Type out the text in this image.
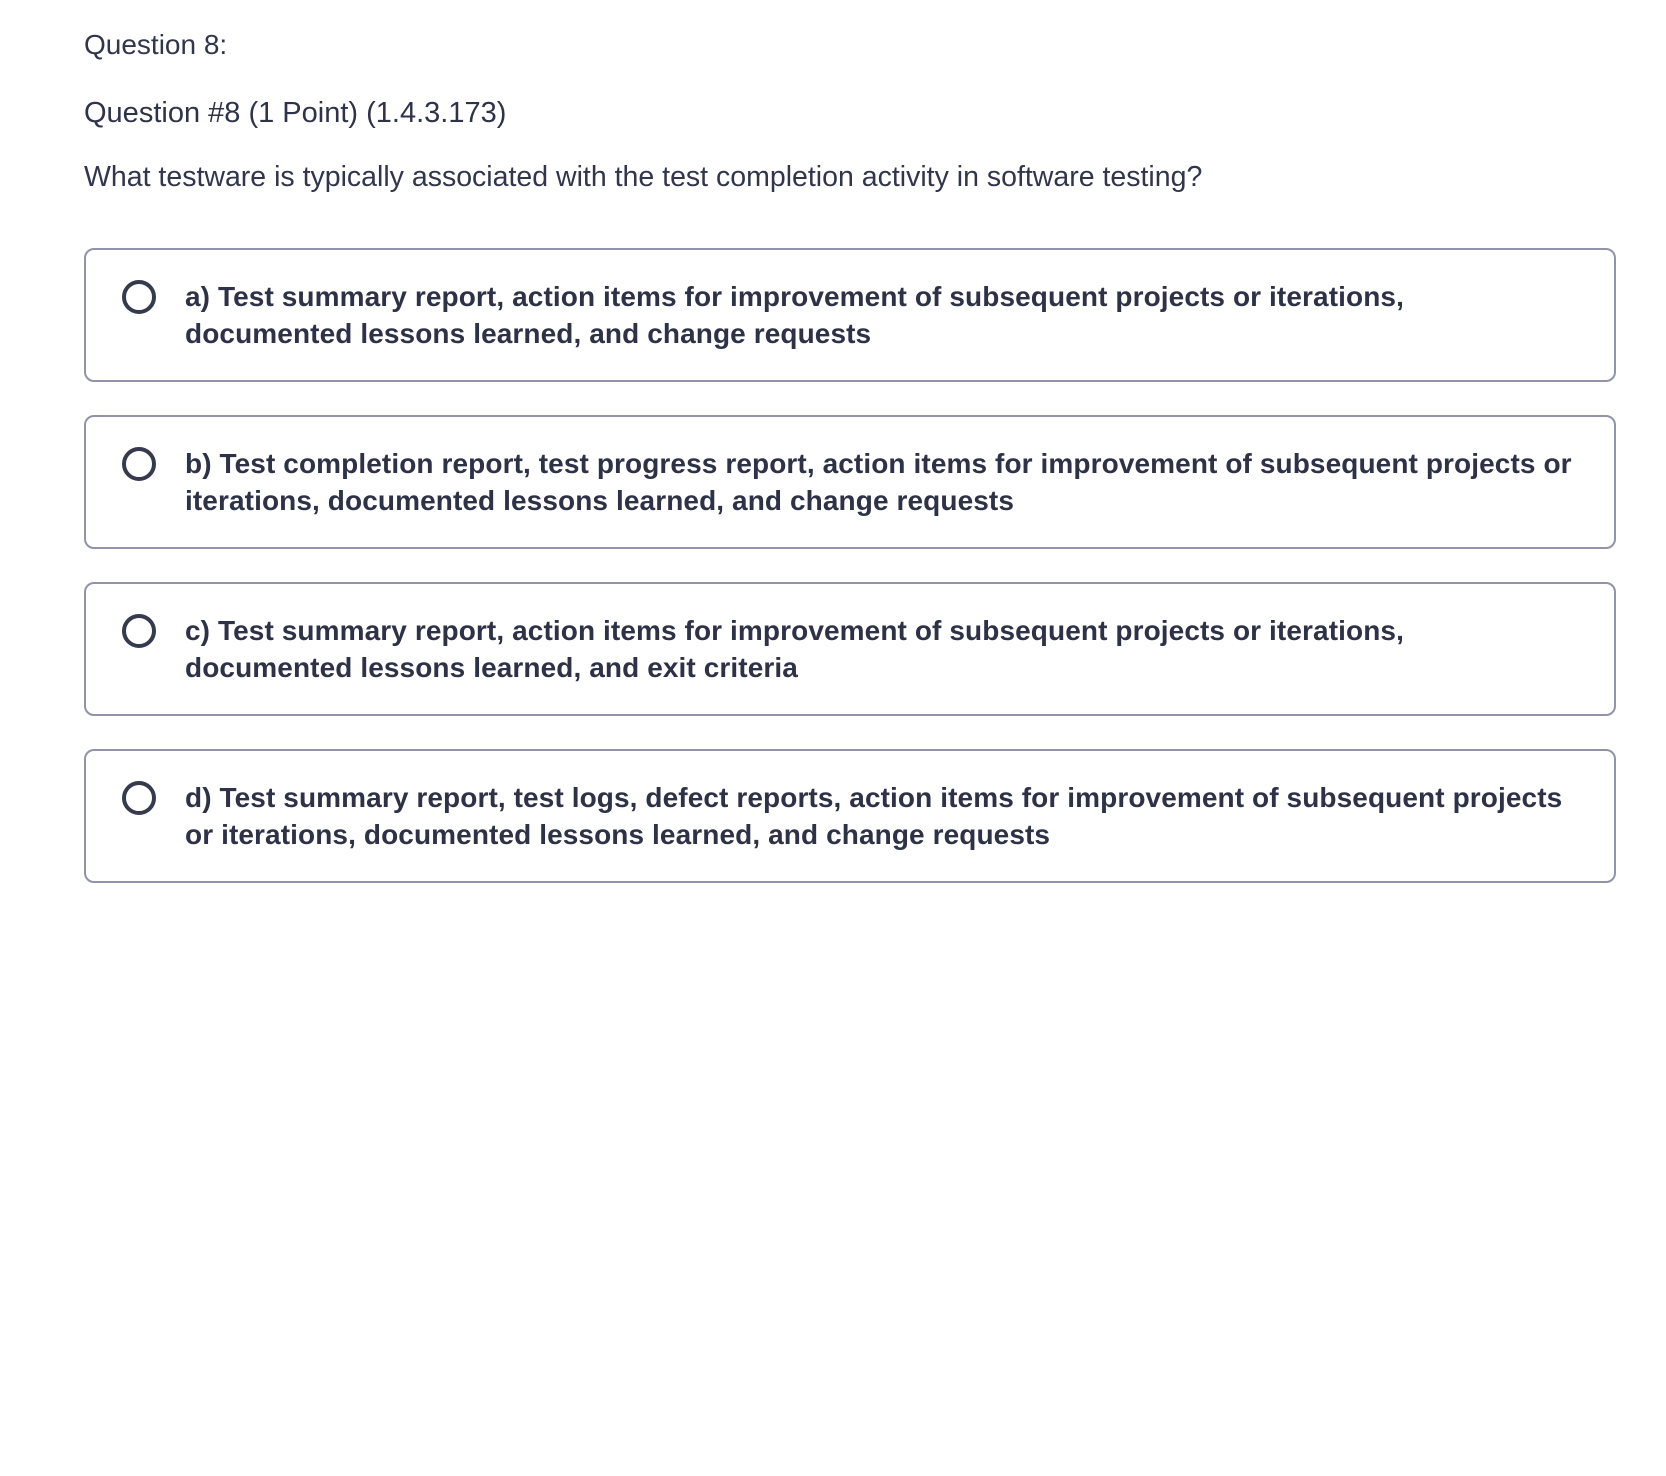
Question 8:
Question #8 (1 Point) (1.4.3.173)
What testware is typically associated with the test completion activity in software testing?
a) Test summary report, action items for improvement of subsequent projects or iterations, documented lessons learned, and change requests
b) Test completion report, test progress report, action items for improvement of subsequent projects or iterations, documented lessons learned, and change requests
c) Test summary report, action items for improvement of subsequent projects or iterations, documented lessons learned, and exit criteria
d) Test summary report, test logs, defect reports, action items for improvement of subsequent projects or iterations, documented lessons learned, and change requests
